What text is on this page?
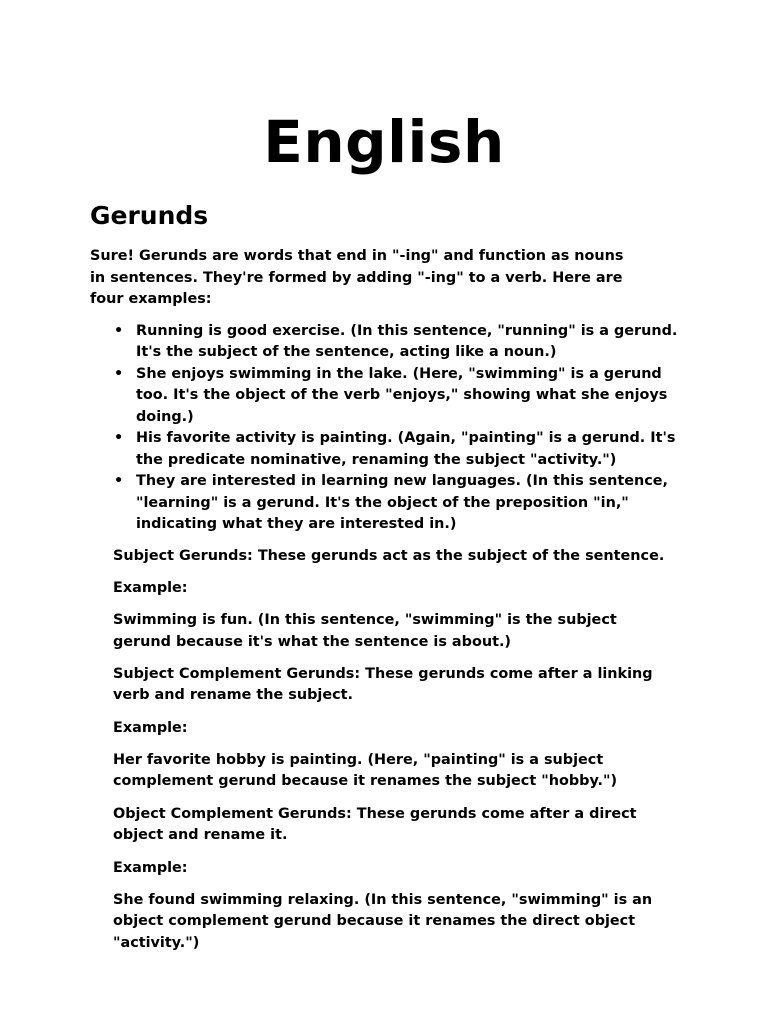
English
Gerunds

Sure! Gerunds are words that end in "-ing" and function as nouns in sentences. They're formed by adding "-ing" to a verb. Here are four examples:

• Running is good exercise. (In this sentence, "running" is a gerund. It's the subject of the sentence, acting like a noun.)
• She enjoys swimming in the lake. (Here, "swimming" is a gerund too. It's the object of the verb "enjoys," showing what she enjoys doing.)
• His favorite activity is painting. (Again, "painting" is a gerund. It's the predicate nominative, renaming the subject "activity.")
• They are interested in learning new languages. (In this sentence, "learning" is a gerund. It's the object of the preposition "in," indicating what they are interested in.)

Subject Gerunds: These gerunds act as the subject of the sentence.

Example:

Swimming is fun. (In this sentence, "swimming" is the subject gerund because it's what the sentence is about.)

Subject Complement Gerunds: These gerunds come after a linking verb and rename the subject.

Example:

Her favorite hobby is painting. (Here, "painting" is a subject complement gerund because it renames the subject "hobby.")

Object Complement Gerunds: These gerunds come after a direct object and rename it.

Example:

She found swimming relaxing. (In this sentence, "swimming" is an object complement gerund because it renames the direct object "activity.")
